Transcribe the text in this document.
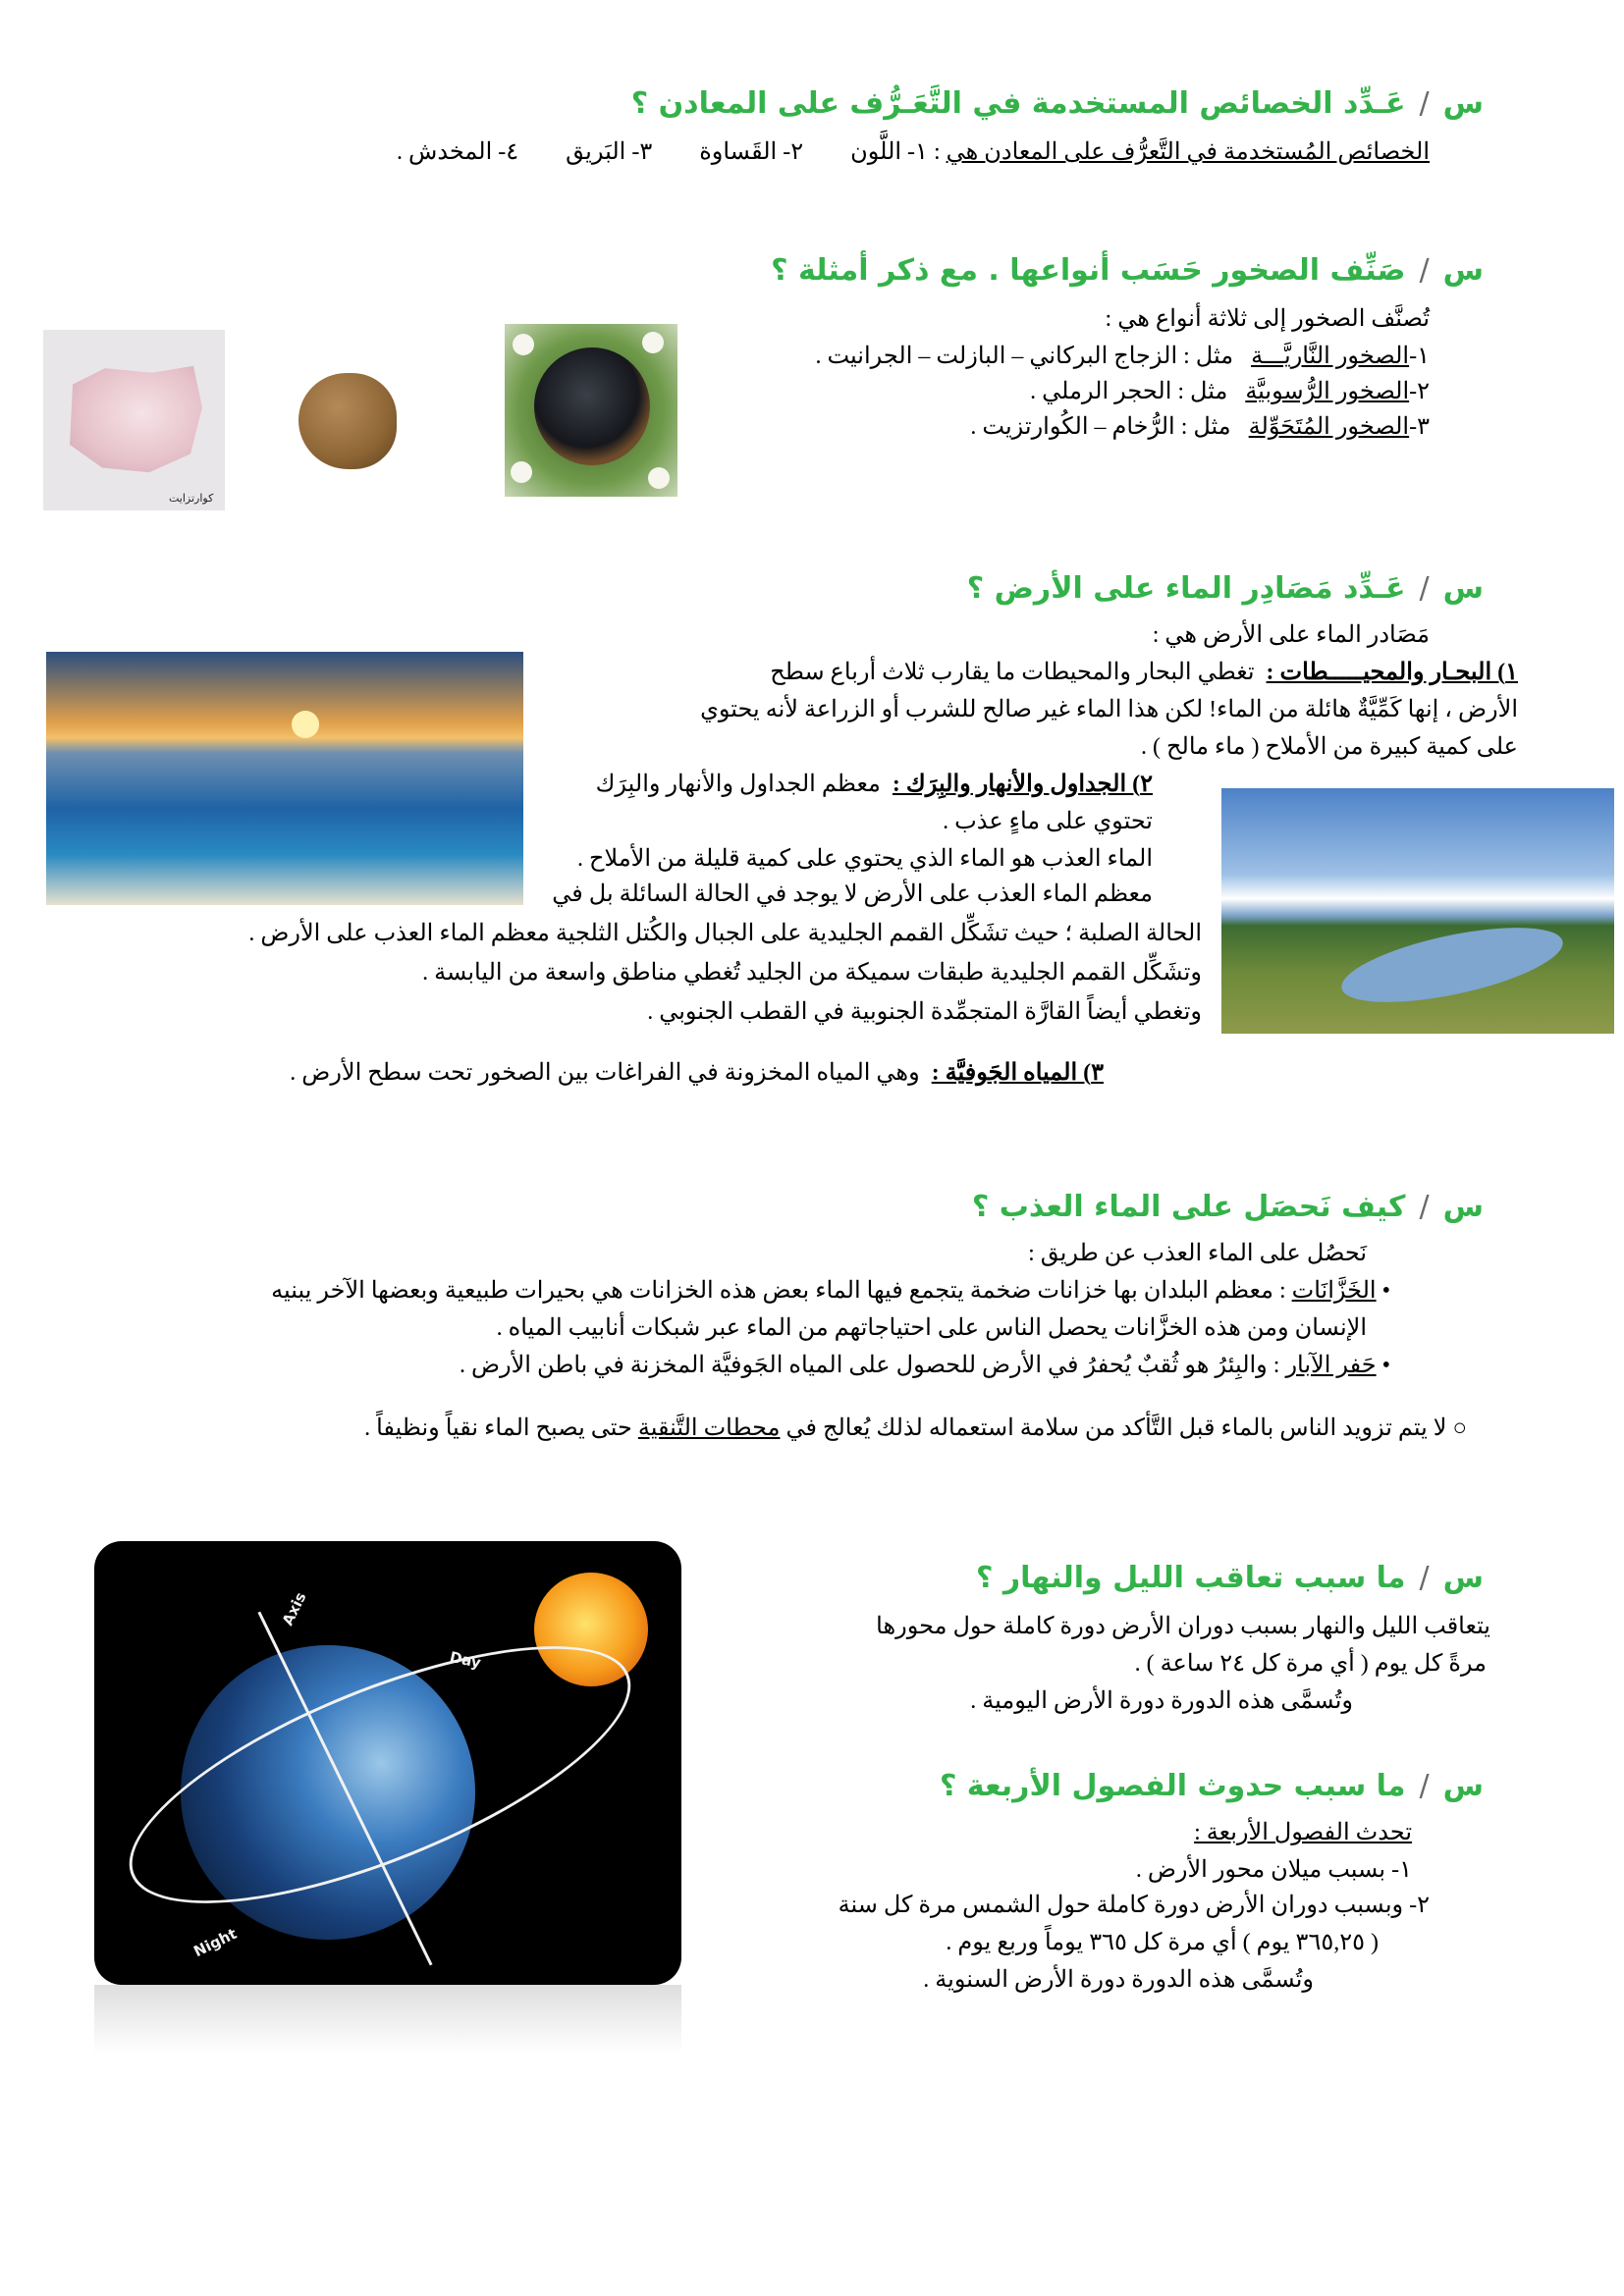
س/عَـدِّد الخصائص المستخدمة في التَّعَـرُّف على المعادن ؟
الخصائص المُستخدمة في التَّعرُّف على المعادن هي : ١- اللَّون        ٢- القَساوة        ٣- البَريق        ٤- المخدش .
س/صَنِّف الصخور حَسَب أنواعها . مع ذكر أمثلة ؟
تُصنَّف الصخور إلى ثلاثة أنواع هي :
١-الصخور النَّاريَّـــة   مثل : الزجاج البركاني – البازلت – الجرانيت .
٢-الصخور الرُّسوبيَّة   مثل : الحجر الرملي .
٣-الصخور المُتَحَوِّلة   مثل : الرُّخام – الكُوارتزيت .
كوارتزايت
س/عَـدِّد مَصَادِر الماء على الأرض ؟
مَصَادر الماء على الأرض هي :
١) البحـار والمحيـــــطات :  تغطي البحار والمحيطات ما يقارب ثلاث أرباع سطح
الأرض ، إنها كَمِّيَّةٌ هائلة من الماء! لكن هذا الماء غير صالح للشرب أو الزراعة لأنه يحتوي
على كمية كبيرة من الأملاح ( ماء مالح ) .
٢) الجداول والأنهار والبِرَك :  معظم الجداول والأنهار والبِرَك
تحتوي على ماءٍ عذب .
الماء العذب هو الماء الذي يحتوي على كمية قليلة من الأملاح .
معظم الماء العذب على الأرض لا يوجد في الحالة السائلة بل في
الحالة الصلبة ؛ حيث تشَكِّل القمم الجليدية على الجبال والكُتل الثلجية معظم الماء العذب على الأرض .
وتشَكِّل القمم الجليدية طبقات سميكة من الجليد تُغطي مناطق واسعة من اليابسة .
وتغطي أيضاً القارَّة المتجمِّدة الجنوبية في القطب الجنوبي .
٣) المياه الجَوفيَّة :  وهي المياه المخزونة في الفراغات بين الصخور تحت سطح الأرض .
س/كيف نَحصَل على الماء العذب ؟
نَحصُل على الماء العذب عن طريق :
• الخَزَّانَات : معظم البلدان بها خزانات ضخمة يتجمع فيها الماء بعض هذه الخزانات هي بحيرات طبيعية وبعضها الآخر يبنيه
الإنسان ومن هذه الخزَّانات يحصل الناس على احتياجاتهم من الماء عبر شبكات أنابيب المياه .
• حَفر الآبار : والبِئرُ هو ثُقبٌ يُحفرُ في الأرض للحصول على المياه الجَوفيَّة المخزنة في باطن الأرض .
○ لا يتم تزويد الناس بالماء قبل التَّأكد من سلامة استعماله لذلك يُعالج في محطات التَّنقية حتى يصبح الماء نقياً ونظيفاً .
Axis
Day
Night
س/ما سبب تعاقب الليل والنهار ؟
يتعاقب الليل والنهار بسبب دوران الأرض دورة كاملة حول محورها
مرةً كل يوم ( أي مرة كل ٢٤ ساعة ) .
وتُسمَّى هذه الدورة دورة الأرض اليومية .
س/ما سبب حدوث الفصول الأربعة ؟
تحدث الفصول الأربعة :
١- بسبب ميلان محور الأرض .
٢- وبسبب دوران الأرض دورة كاملة حول الشمس مرة كل سنة
( ٣٦٥,٢٥ يوم ) أي مرة كل ٣٦٥ يوماً وربع يوم .
وتُسمَّى هذه الدورة دورة الأرض السنوية .
